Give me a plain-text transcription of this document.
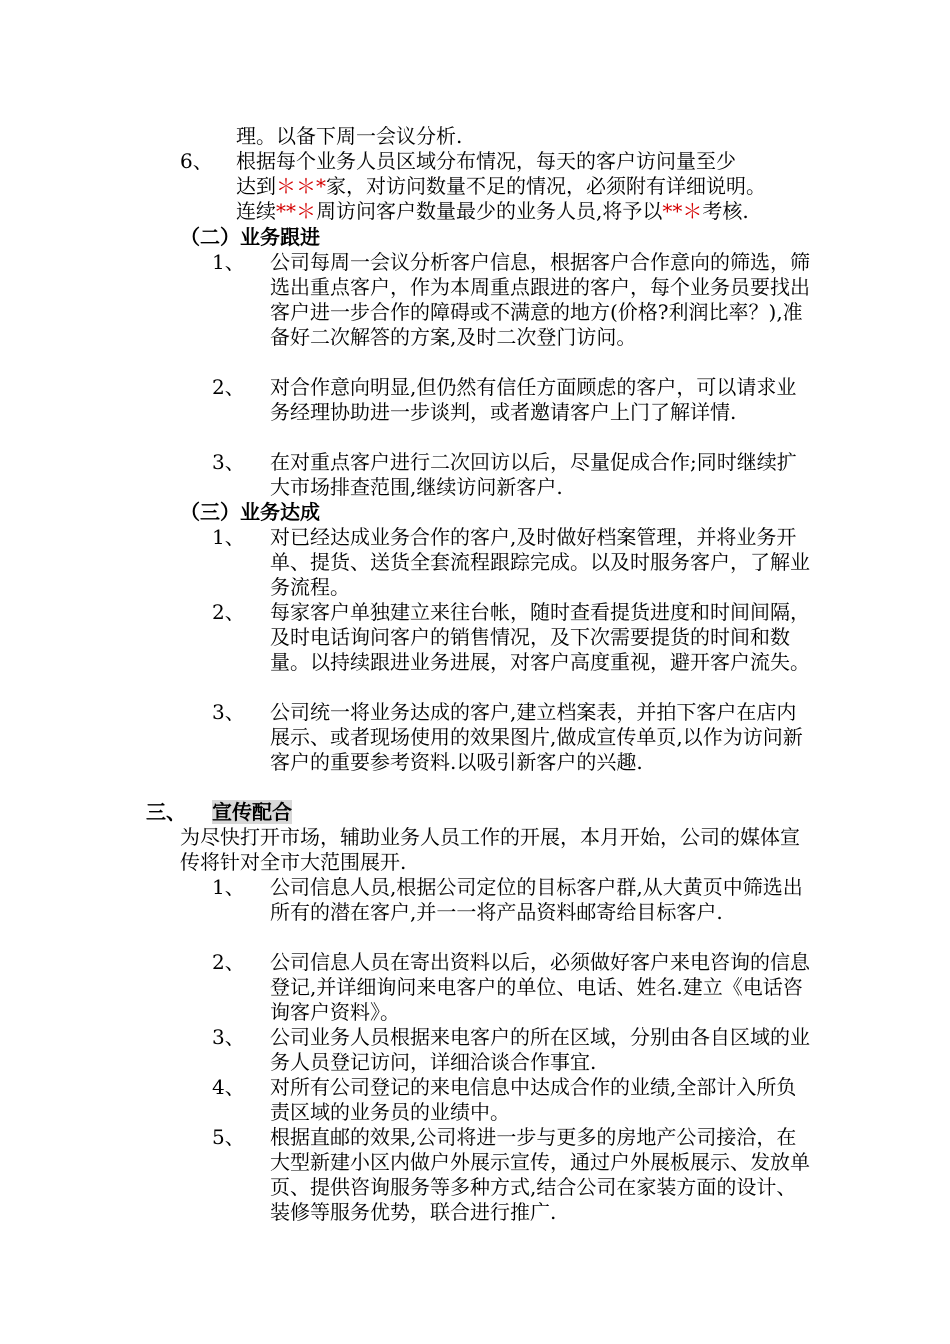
理。以备下周一会议分析.
6、 根据每个业务人员区域分布情况，每天的客户访问量至少
达到＊＊*家，对访问数量不足的情况，必须附有详细说明。
连续**＊周访问客户数量最少的业务人员,将予以**＊考核.
（二）业务跟进
1、 公司每周一会议分析客户信息，根据客户合作意向的筛选，筛选出重点客户，作为本周重点跟进的客户，每个业务员要找出客户进一步合作的障碍或不满意的地方(价格?利润比率？),准备好二次解答的方案,及时二次登门访问。
2、 对合作意向明显,但仍然有信任方面顾虑的客户，可以请求业务经理协助进一步谈判，或者邀请客户上门了解详情.
3、 在对重点客户进行二次回访以后，尽量促成合作;同时继续扩大市场排查范围,继续访问新客户.
（三）业务达成
1、 对已经达成业务合作的客户,及时做好档案管理，并将业务开单、提货、送货全套流程跟踪完成。以及时服务客户，了解业务流程。
2、 每家客户单独建立来往台帐，随时查看提货进度和时间间隔，及时电话询问客户的销售情况，及下次需要提货的时间和数量。以持续跟进业务进展，对客户高度重视，避开客户流失。
3、 公司统一将业务达成的客户,建立档案表，并拍下客户在店内展示、或者现场使用的效果图片,做成宣传单页,以作为访问新客户的重要参考资料.以吸引新客户的兴趣.
三、 宣传配合
为尽快打开市场，辅助业务人员工作的开展，本月开始，公司的媒体宣传将针对全市大范围展开.
1、 公司信息人员,根据公司定位的目标客户群,从大黄页中筛选出所有的潜在客户,并一一将产品资料邮寄给目标客户.
2、 公司信息人员在寄出资料以后，必须做好客户来电咨询的信息登记,并详细询问来电客户的单位、电话、姓名.建立《电话咨询客户资料》。
3、 公司业务人员根据来电客户的所在区域，分别由各自区域的业务人员登记访问，详细洽谈合作事宜.
4、 对所有公司登记的来电信息中达成合作的业绩,全部计入所负责区域的业务员的业绩中。
5、 根据直邮的效果,公司将进一步与更多的房地产公司接洽，在大型新建小区内做户外展示宣传，通过户外展板展示、发放单页、提供咨询服务等多种方式,结合公司在家装方面的设计、装修等服务优势，联合进行推广.
